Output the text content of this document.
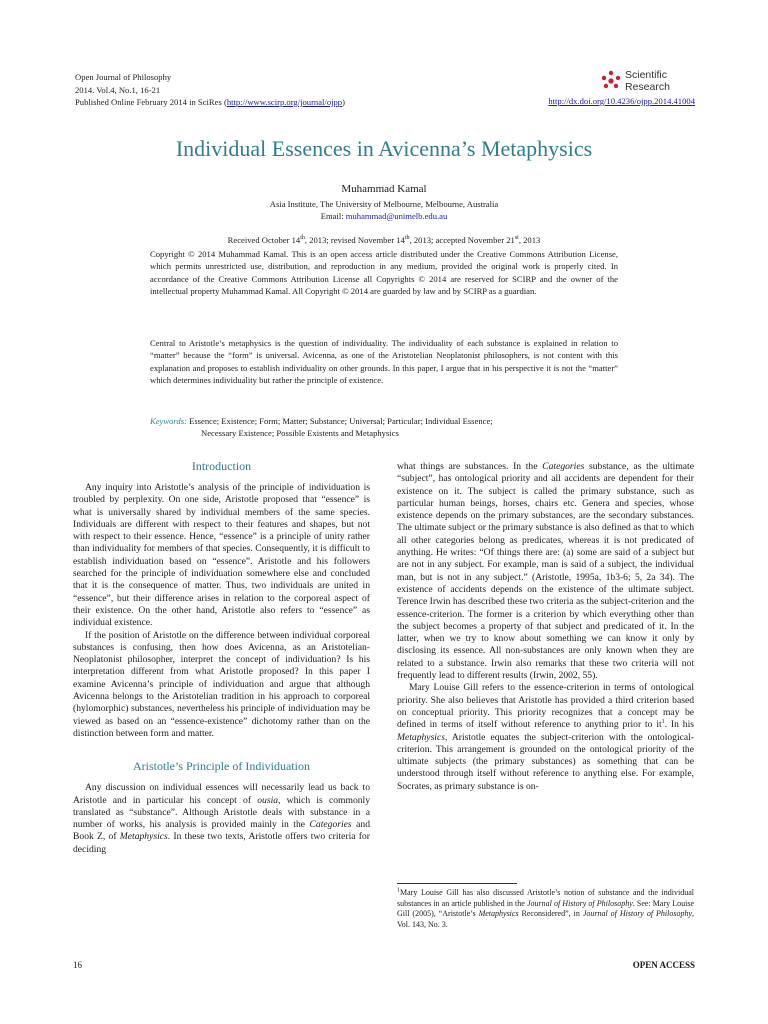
Open Journal of Philosophy
2014. Vol.4, No.1, 16-21
Published Online February 2014 in SciRes (http://www.scirp.org/journal/ojpp)
Scientific
Research
http://dx.doi.org/10.4236/ojpp.2014.41004
Individual Essences in Avicenna’s Metaphysics
Muhammad Kamal
Asia Institute, The University of Melbourne, Melbourne, Australia
Email: muhammad@unimelb.edu.au
Received October 14th, 2013; revised November 14th, 2013; accepted November 21st, 2013
Copyright © 2014 Muhammad Kamal. This is an open access article distributed under the Creative Commons Attribution License, which permits unrestricted use, distribution, and reproduction in any medium, provided the original work is properly cited. In accordance of the Creative Commons Attribution License all Copyrights © 2014 are reserved for SCIRP and the owner of the intellectual property Muhammad Kamal. All Copyright © 2014 are guarded by law and by SCIRP as a guardian.
Central to Aristotle’s metaphysics is the question of individuality. The individuality of each substance is explained in relation to “matter” because the “form” is universal. Avicenna, as one of the Aristotelian Neoplatonist philosophers, is not content with this explanation and proposes to establish individuality on other grounds. In this paper, I argue that in his perspective it is not the “matter” which determines individuality but rather the principle of existence.
Keywords: Essence; Existence; Form; Matter; Substance; Universal; Particular; Individual Essence;
Necessary Existence; Possible Existents and Metaphysics
Introduction

Any inquiry into Aristotle’s analysis of the principle of individuation is troubled by perplexity. On one side, Aristotle proposed that “essence” is what is universally shared by individual members of the same species. Individuals are different with respect to their features and shapes, but not with respect to their essence. Hence, “essence” is a principle of unity rather than individuality for members of that species. Consequently, it is difficult to establish individuation based on “essence”. Aristotle and his followers searched for the principle of individuation somewhere else and concluded that it is the consequence of matter. Thus, two individuals are united in “essence”, but their difference arises in relation to the corporeal aspect of their existence. On the other hand, Aristotle also refers to “essence” as individual existence.

If the position of Aristotle on the difference between individual corporeal substances is confusing, then how does Avicenna, as an Aristotelian-Neoplatonist philosopher, interpret the concept of individuation? Is his interpretation different from what Aristotle proposed? In this paper I examine Avicenna’s principle of individuation and argue that although Avicenna belongs to the Aristotelian tradition in his approach to corporeal (hylomorphic) substances, nevertheless his principle of individuation may be viewed as based on an “essence-existence” dichotomy rather than on the distinction between form and matter.

Aristotle’s Principle of Individuation

Any discussion on individual essences will necessarily lead us back to Aristotle and in particular his concept of ousia, which is commonly translated as “substance”. Although Aristotle deals with substance in a number of works, his analysis is provided mainly in the Categories and Book Z, of Metaphysics. In these two texts, Aristotle offers two criteria for deciding

what things are substances. In the Categories substance, as the ultimate “subject”, has ontological priority and all accidents are dependent for their existence on it. The subject is called the primary substance, such as particular human beings, horses, chairs etc. Genera and species, whose existence depends on the primary substances, are the secondary substances. The ultimate subject or the primary substance is also defined as that to which all other categories belong as predicates, whereas it is not predicated of anything. He writes: “Of things there are: (a) some are said of a subject but are not in any subject. For example, man is said of a subject, the individual man, but is not in any subject.” (Aristotle, 1995a, 1b3-6; 5, 2a 34). The existence of accidents depends on the existence of the ultimate subject. Terence Irwin has described these two criteria as the subject-criterion and the essence-criterion. The former is a criterion by which everything other than the subject becomes a property of that subject and predicated of it. In the latter, when we try to know about something we can know it only by disclosing its essence. All non-substances are only known when they are related to a substance. Irwin also remarks that these two criteria will not frequently lead to different results (Irwin, 2002, 55).

Mary Louise Gill refers to the essence-criterion in terms of ontological priority. She also believes that Aristotle has provided a third criterion based on conceptual priority. This priority recognizes that a concept may be defined in terms of itself without reference to anything prior to $it^1$. In his Metaphysics, Aristotle equates the subject-criterion with the ontological-criterion. This arrangement is grounded on the ontological priority of the ultimate subjects (the primary substances) as something that can be understood through itself without reference to anything else. For example, Socrates, as primary substance is on-

$^1$Mary Louise Gill has also discussed Aristotle’s notion of substance and the individual substances in an article published in the Journal of History of Philosophy. See: Mary Louise Gill (2005), “Aristotle’s Metaphysics Reconsidered”, in Journal of History of Philosophy, Vol. 143, No. 3.
16	OPEN ACCESS
